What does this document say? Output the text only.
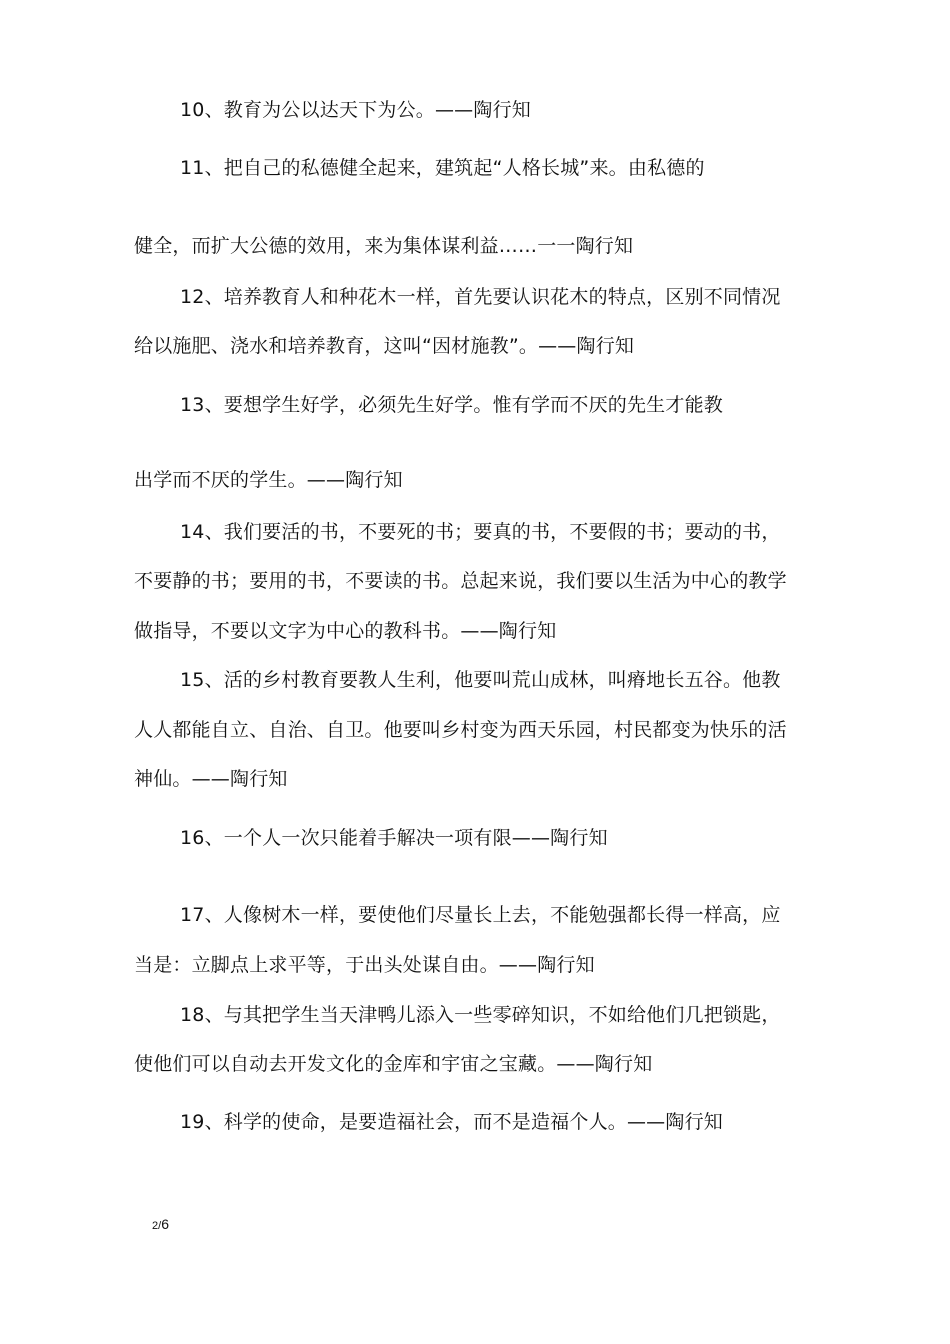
10、教育为公以达天下为公。——陶行知
11、把自己的私德健全起来，建筑起“人格长城”来。由私德的
健全，而扩大公德的效用，来为集体谋利益……一一陶行知
12、培养教育人和种花木一样，首先要认识花木的特点，区别不同情况
给以施肥、浇水和培养教育，这叫“因材施教”。——陶行知
13、要想学生好学，必须先生好学。惟有学而不厌的先生才能教
出学而不厌的学生。——陶行知
14、我们要活的书，不要死的书；要真的书，不要假的书；要动的书，
不要静的书；要用的书，不要读的书。总起来说，我们要以生活为中心的教学
做指导，不要以文字为中心的教科书。——陶行知
15、活的乡村教育要教人生利，他要叫荒山成林，叫瘠地长五谷。他教
人人都能自立、自治、自卫。他要叫乡村变为西天乐园，村民都变为快乐的活
神仙。——陶行知
16、一个人一次只能着手解决一项有限——陶行知
17、人像树木一样，要使他们尽量长上去，不能勉强都长得一样高，应
当是：立脚点上求平等，于出头处谋自由。——陶行知
18、与其把学生当天津鸭儿添入一些零碎知识，不如给他们几把锁匙，
使他们可以自动去开发文化的金库和宇宙之宝藏。——陶行知
19、科学的使命，是要造福社会，而不是造福个人。——陶行知
2/6
